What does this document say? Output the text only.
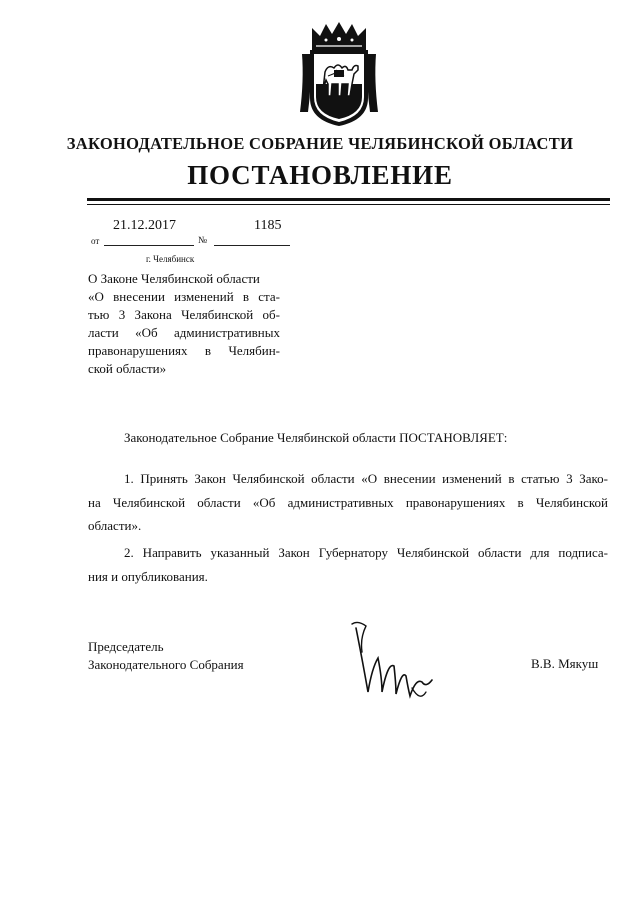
ЗАКОНОДАТЕЛЬНОЕ СОБРАНИЕ ЧЕЛЯБИНСКОЙ ОБЛАСТИ
ПОСТАНОВЛЕНИЕ
21.12.2017	1185
от	№
г. Челябинск
О Законе Челябинской области
«О внесении изменений в ста-
тью 3 Закона Челябинской об-
ласти «Об административных
правонарушениях в Челябин-
ской области»
Законодательное Собрание Челябинской области ПОСТАНОВЛЯЕТ:
1. Принять Закон Челябинской области «О внесении изменений в статью 3 Зако-
на Челябинской области «Об административных правонарушениях в Челябинской
области».
2. Направить указанный Закон Губернатору Челябинской области для подписа-
ния и опубликования.
Председатель
Законодательного Собрания	В.В. Мякуш
